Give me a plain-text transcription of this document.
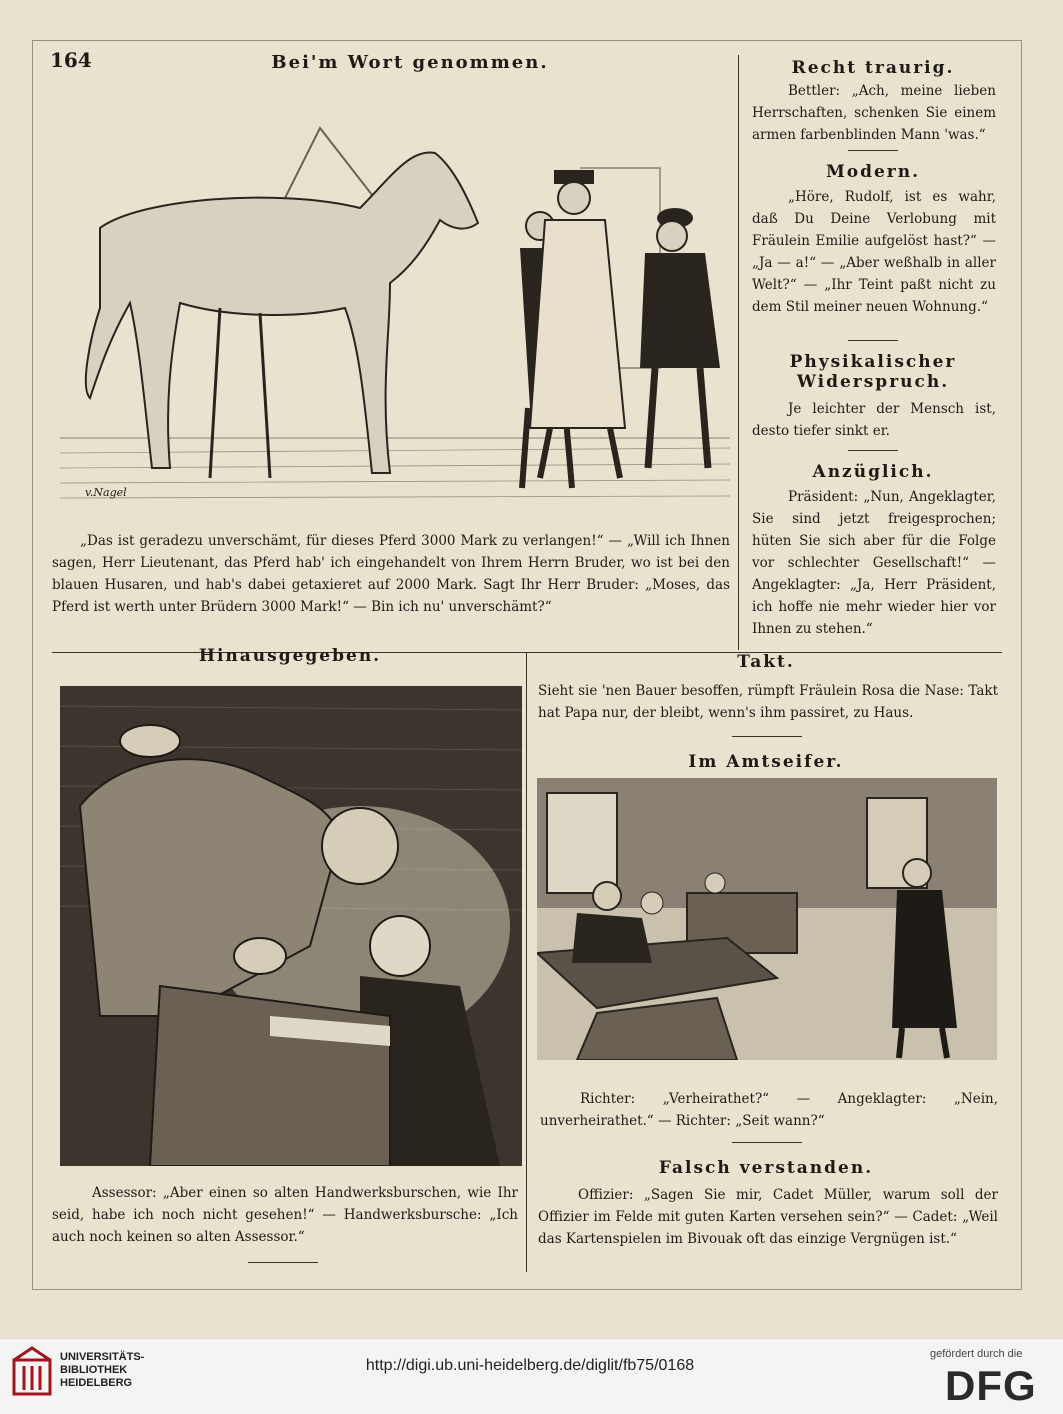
164	Bei'm Wort genommen.
v.Nagel
„Das ist geradezu unverschämt, für dieses Pferd 3000 Mark zu verlangen!“ — „Will ich Ihnen sagen, Herr Lieutenant, das Pferd hab' ich eingehandelt von Ihrem Herrn Bruder, wo ist bei den blauen Husaren, und hab's dabei getaxieret auf 2000 Mark. Sagt Ihr Herr Bruder: „Moses, das Pferd ist werth unter Brüdern 3000 Mark!“ — Bin ich nu' unverschämt?“
Recht traurig.
Bettler: „Ach, meine lieben Herrschaften, schenken Sie einem armen farbenblinden Mann 'was.“
Modern.
„Höre, Rudolf, ist es wahr, daß Du Deine Verlobung mit Fräulein Emilie aufgelöst hast?“ — „Ja — a!“ — „Aber weßhalb in aller Welt?“ — „Ihr Teint paßt nicht zu dem Stil meiner neuen Wohnung.“
Physikalischer Widerspruch.
Je leichter der Mensch ist, desto tiefer sinkt er.
Anzüglich.
Präsident: „Nun, Angeklagter, Sie sind jetzt freigesprochen; hüten Sie sich aber für die Folge vor schlechter Gesellschaft!“ — Angeklagter: „Ja, Herr Präsident, ich hoffe nie mehr wieder hier vor Ihnen zu stehen.“
Hinausgegeben.
Assessor: „Aber einen so alten Handwerksburschen, wie Ihr seid, habe ich noch nicht gesehen!“ — Handwerksbursche: „Ich auch noch keinen so alten Assessor.“
Takt.
Sieht sie 'nen Bauer besoffen, rümpft Fräulein Rosa die Nase: Takt hat Papa nur, der bleibt, wenn's ihm passiret, zu Haus.
Im Amtseifer.
Richter: „Verheirathet?“ — Angeklagter: „Nein, unverheirathet.“ — Richter: „Seit wann?“
Falsch verstanden.
Offizier: „Sagen Sie mir, Cadet Müller, warum soll der Offizier im Felde mit guten Karten versehen sein?“ — Cadet: „Weil das Kartenspielen im Bivouak oft das einzige Vergnügen ist.“
UNIVERSITÄTS-
BIBLIOTHEK
HEIDELBERG
http://digi.ub.uni-heidelberg.de/diglit/fb75/0168
gefördert durch die
DFG
